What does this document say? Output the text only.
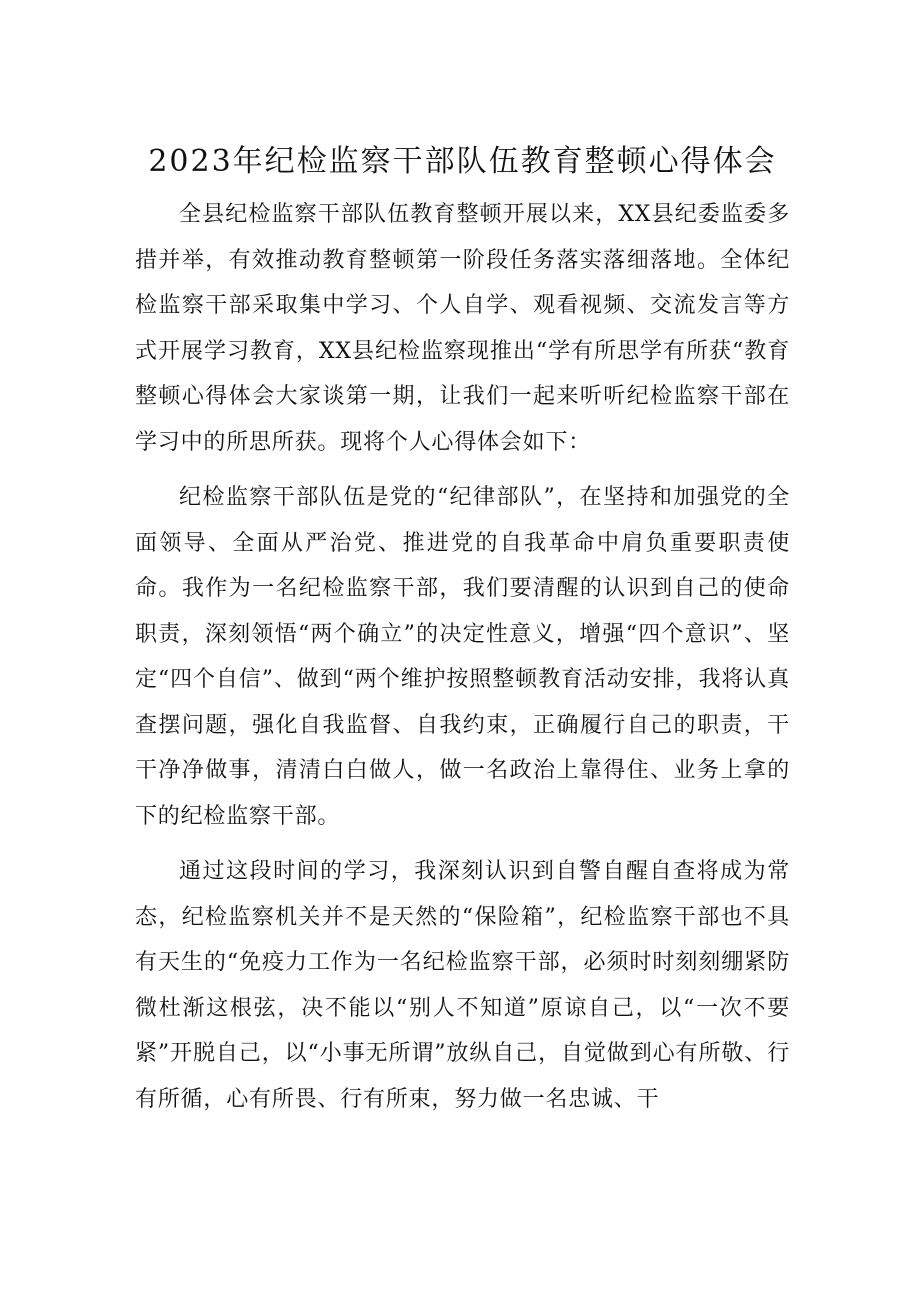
2023年纪检监察干部队伍教育整顿心得体会

全县纪检监察干部队伍教育整顿开展以来，XX县纪委监委多措并举，有效推动教育整顿第一阶段任务落实落细落地。全体纪检监察干部采取集中学习、个人自学、观看视频、交流发言等方式开展学习教育，XX县纪检监察现推出“学有所思学有所获“教育整顿心得体会大家谈第一期，让我们一起来听听纪检监察干部在学习中的所思所获。现将个人心得体会如下：

纪检监察干部队伍是党的“纪律部队”，在坚持和加强党的全面领导、全面从严治党、推进党的自我革命中肩负重要职责使命。我作为一名纪检监察干部，我们要清醒的认识到自己的使命职责，深刻领悟“两个确立”的决定性意义，增强“四个意识”、坚定“四个自信”、做到“两个维护按照整顿教育活动安排，我将认真查摆问题，强化自我监督、自我约束，正确履行自己的职责，干干净净做事，清清白白做人，做一名政治上靠得住、业务上拿的下的纪检监察干部。

通过这段时间的学习，我深刻认识到自警自醒自查将成为常态，纪检监察机关并不是天然的“保险箱”，纪检监察干部也不具有天生的“免疫力工作为一名纪检监察干部，必须时时刻刻绷紧防微杜渐这根弦，决不能以“别人不知道”原谅自己，以“一次不要紧”开脱自己，以“小事无所谓”放纵自己，自觉做到心有所敬、行有所循，心有所畏、行有所束，努力做一名忠诚、干
